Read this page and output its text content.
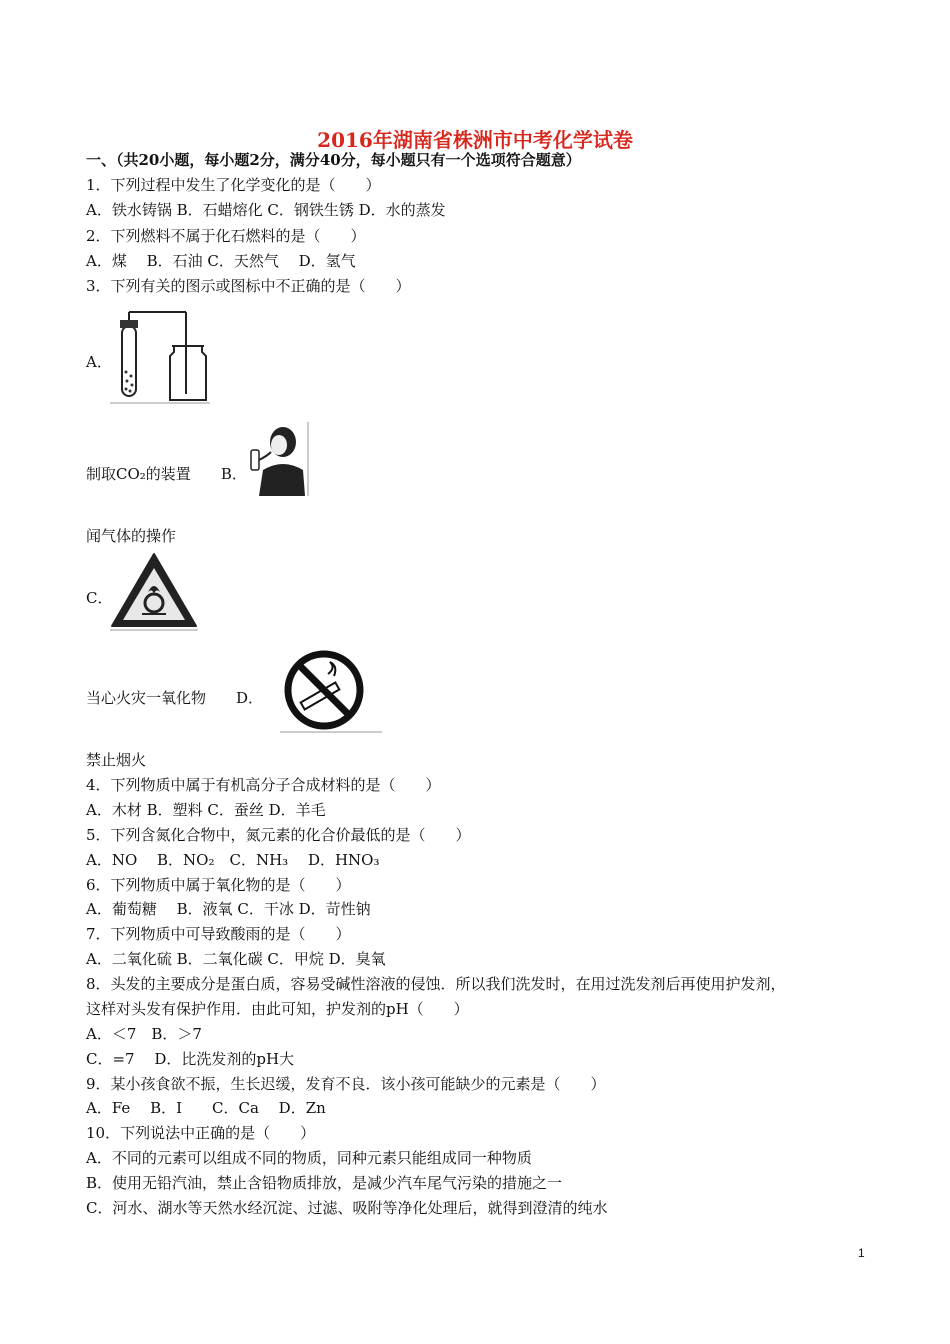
2016年湖南省株洲市中考化学试卷
一、（共20小题，每小题2分，满分40分，每小题只有一个选项符合题意）
1．下列过程中发生了化学变化的是（　　）
A．铁水铸锅 B．石蜡熔化 C．钢铁生锈 D．水的蒸发
2．下列燃料不属于化石燃料的是（　　）
A．煤　 B．石油 C．天然气　 D．氢气
3．下列有关的图示或图标中不正确的是（　　）
A．
制取CO₂的装置　　 B．
闻气体的操作
C．
当心火灾一氧化物　　 D．
禁止烟火
4．下列物质中属于有机高分子合成材料的是（　　）
A．木材 B．塑料 C．蚕丝 D．羊毛
5．下列含氮化合物中，氮元素的化合价最低的是（　　）
A．NO　 B．NO₂　C．NH₃　 D．HNO₃
6．下列物质中属于氧化物的是（　　）
A．葡萄糖　 B．液氧 C．干冰 D．苛性钠
7．下列物质中可导致酸雨的是（　　）
A．二氧化硫 B．二氧化碳 C．甲烷 D．臭氧
8．头发的主要成分是蛋白质，容易受碱性溶液的侵蚀．所以我们洗发时，在用过洗发剂后再使用护发剂，
这样对头发有保护作用．由此可知，护发剂的pH（　　）
A．＜7　B．＞7
C．=7　 D．比洗发剂的pH大
9．某小孩食欲不振，生长迟缓，发育不良．该小孩可能缺少的元素是（　　）
A．Fe　 B．I　　C．Ca　 D．Zn
10．下列说法中正确的是（　　）
A．不同的元素可以组成不同的物质，同种元素只能组成同一种物质
B．使用无铅汽油，禁止含铅物质排放，是减少汽车尾气污染的措施之一
C．河水、湖水等天然水经沉淀、过滤、吸附等净化处理后，就得到澄清的纯水
1
